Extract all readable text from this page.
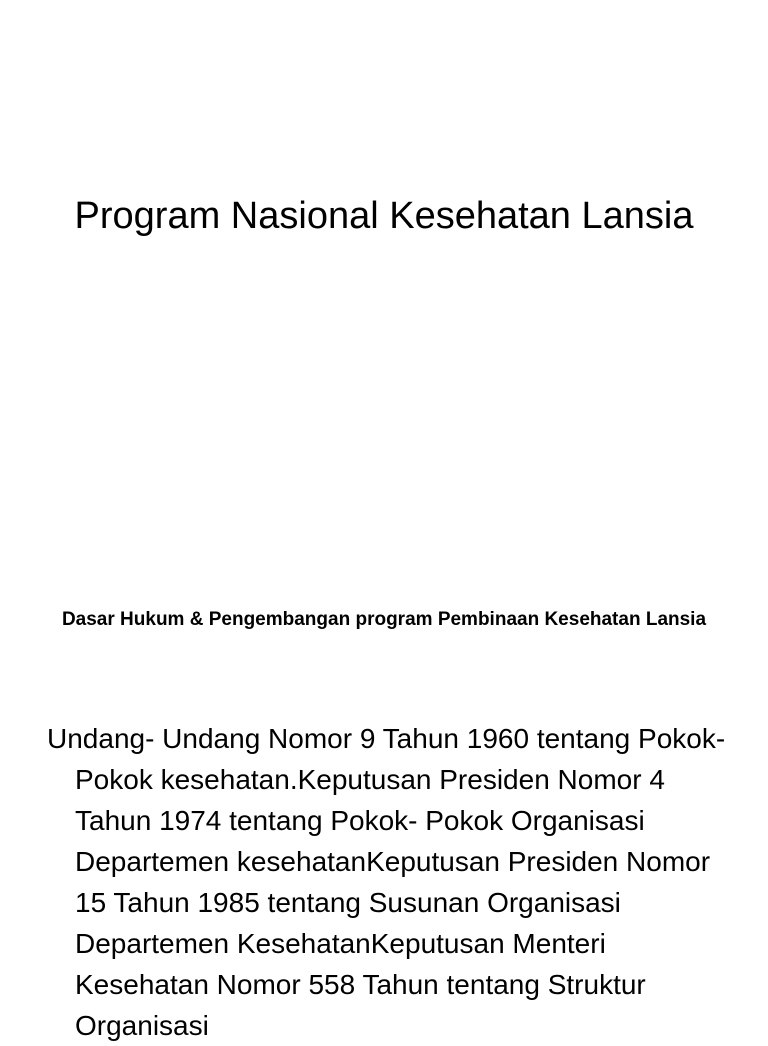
Program Nasional Kesehatan Lansia

Dasar Hukum & Pengembangan program Pembinaan Kesehatan Lansia

Undang- Undang Nomor 9 Tahun 1960 tentang Pokok- Pokok kesehatan.Keputusan Presiden Nomor 4 Tahun 1974 tentang Pokok- Pokok Organisasi Departemen kesehatanKeputusan Presiden Nomor 15 Tahun 1985 tentang Susunan Organisasi Departemen KesehatanKeputusan Menteri Kesehatan Nomor 558 Tahun tentang Struktur Organisasi
